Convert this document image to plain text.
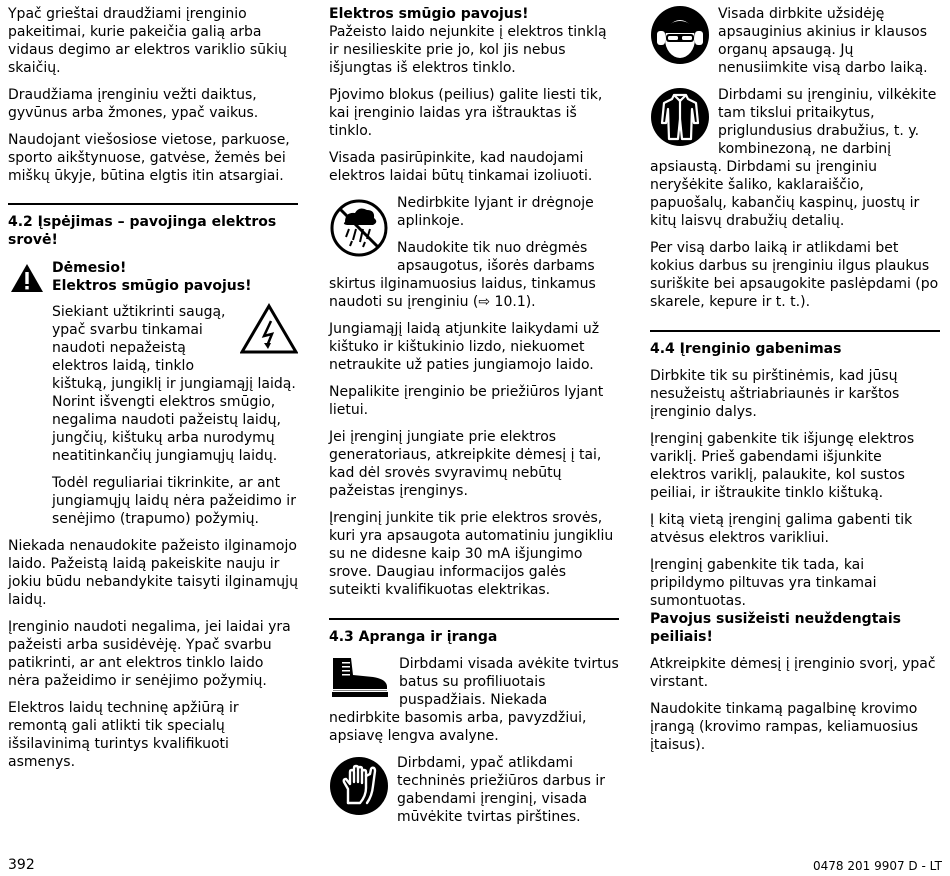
Ypač grieštai draudžiami įrenginio pakeitimai, kurie pakeičia galią arba vidaus degimo ar elektros variklio sūkių skaičių.

Draudžiama įrenginiu vežti daiktus, gyvūnus arba žmones, ypač vaikus.

Naudojant viešosiose vietose, parkuose, sporto aikštynuose, gatvėse, žemės bei miškų ūkyje, būtina elgtis itin atsargiai.

4.2 Įspėjimas – pavojinga elektros srovė!
Dėmesio!
Elektros smūgio pavojus!

Siekiant užtikrinti saugą, ypač svarbu tinkamai naudoti nepažeistą elektros laidą, tinklo kištuką, jungiklį ir jungiamąjį laidą. Norint išvengti elektros smūgio, negalima naudoti pažeistų laidų, jungčių, kištukų arba nurodymų neatitinkančių jungiamųjų laidų.

Todėl reguliariai tikrinkite, ar ant jungiamųjų laidų nėra pažeidimo ir senėjimo (trapumo) požymių.

Niekada nenaudokite pažeisto ilginamojo laido. Pažeistą laidą pakeiskite nauju ir jokiu būdu nebandykite taisyti ilginamųjų laidų.

Įrenginio naudoti negalima, jei laidai yra pažeisti arba susidėvėję. Ypač svarbu patikrinti, ar ant elektros tinklo laido nėra pažeidimo ir senėjimo požymių.

Elektros laidų techninę apžiūrą ir remontą gali atlikti tik specialų išsilavinimą turintys kvalifikuoti asmenys.

Elektros smūgio pavojus!

Pažeisto laido nejunkite į elektros tinklą ir nesilieskite prie jo, kol jis nebus išjungtas iš elektros tinklo.

Pjovimo blokus (peilius) galite liesti tik, kai įrenginio laidas yra ištrauktas iš tinklo.

Visada pasirūpinkite, kad naudojami elektros laidai būtų tinkamai izoliuoti.

Nedirbkite lyjant ir drėgnoje aplinkoje.

Naudokite tik nuo drėgmės apsaugotus, išorės darbams skirtus ilginamuosius laidus, tinkamus naudoti su įrenginiu (⇨ 10.1).

Jungiamąjį laidą atjunkite laikydami už kištuko ir kištukinio lizdo, niekuomet netraukite už paties jungiamojo laido.

Nepalikite įrenginio be priežiūros lyjant lietui.

Jei įrenginį jungiate prie elektros generatoriaus, atkreipkite dėmesį į tai, kad dėl srovės svyravimų nebūtų pažeistas įrenginys.

Įrenginį junkite tik prie elektros srovės, kuri yra apsaugota automatiniu jungikliu su ne didesne kaip 30 mA išjungimo srove. Daugiau informacijos galės suteikti kvalifikuotas elektrikas.

4.3 Apranga ir įranga

Dirbdami visada avėkite tvirtus batus su profiliuotais puspadžiais. Niekada nedirbkite basomis arba, pavyzdžiui, apsiavę lengva avalyne.

Dirbdami, ypač atlikdami techninės priežiūros darbus ir gabendami įrenginį, visada mūvėkite tvirtas pirštines.

Visada dirbkite užsidėję apsauginius akinius ir klausos organų apsaugą. Jų nenusiimkite visą darbo laiką.

Dirbdami su įrenginiu, vilkėkite tam tikslui pritaikytus, priglundusius drabužius, t. y. kombinezoną, ne darbinį apsiaustą. Dirbdami su įrenginiu neryšėkite šaliko, kaklaraiščio, papuošalų, kabančių kaspinų, juostų ir kitų laisvų drabužių detalių.

Per visą darbo laiką ir atlikdami bet kokius darbus su įrenginiu ilgus plaukus suriškite bei apsaugokite paslėpdami (po skarele, kepure ir t. t.).

4.4 Įrenginio gabenimas

Dirbkite tik su pirštinėmis, kad jūsų nesužeistų aštriabriaunės ir karštos įrenginio dalys.

Įrenginį gabenkite tik išjungę elektros variklį. Prieš gabendami išjunkite elektros variklį, palaukite, kol sustos peiliai, ir ištraukite tinklo kištuką.

Į kitą vietą įrenginį galima gabenti tik atvėsus elektros varikliui.

Įrenginį gabenkite tik tada, kai pripildymo piltuvas yra tinkamai sumontuotas.

Pavojus susižeisti neuždengtais peiliais!

Atkreipkite dėmesį į įrenginio svorį, ypač virstant.

Naudokite tinkamą pagalbinę krovimo įrangą (krovimo rampas, keliamuosius įtaisus).

392	0478 201 9907 D - LT
